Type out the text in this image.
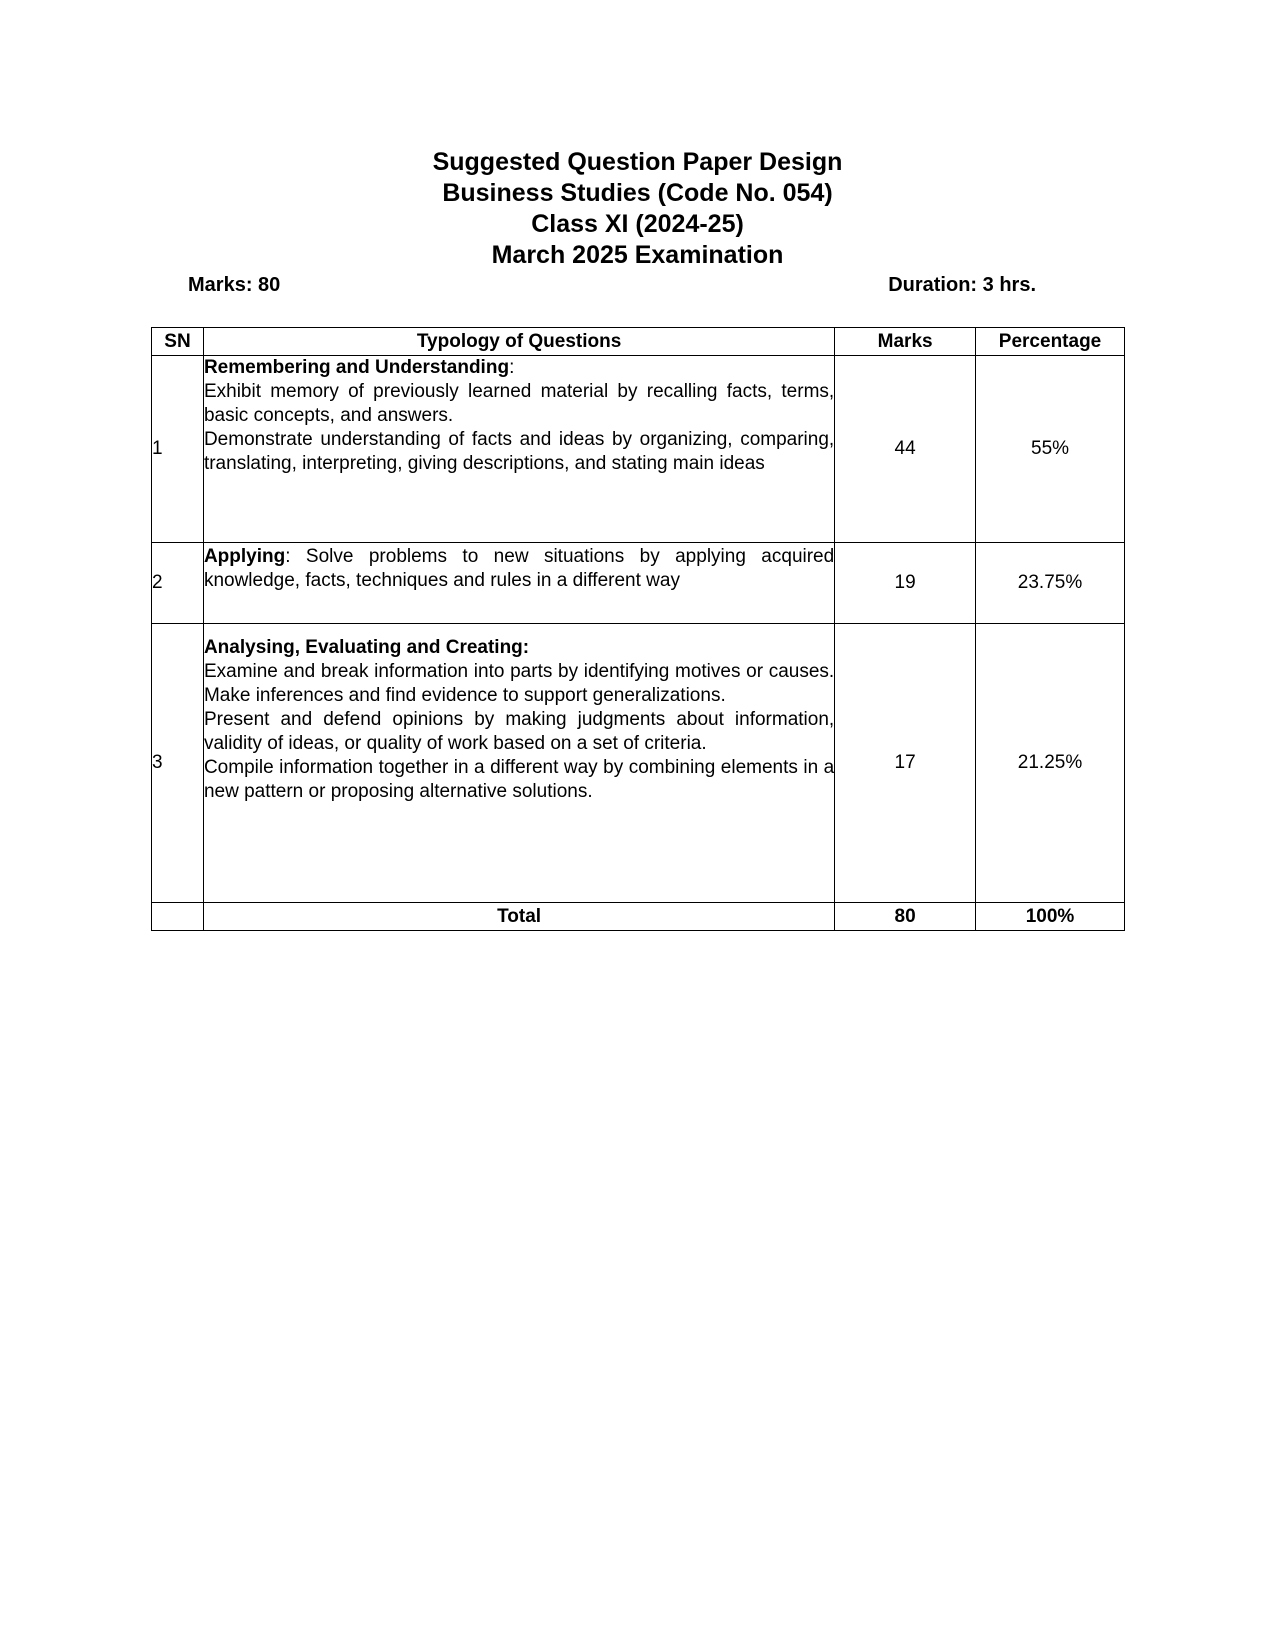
Suggested Question Paper Design
Business Studies (Code No. 054)
Class XI (2024-25)
March 2025 Examination
Marks: 80	Duration: 3 hrs.
SN	Typology of Questions	Marks	Percentage
1	Remembering and Understanding:

Exhibit memory of previously learned material by recalling facts, terms, basic concepts, and answers.

Demonstrate understanding of facts and ideas by organizing, comparing, translating, interpreting, giving descriptions, and stating main ideas	44	55%
2	Applying: Solve problems to new situations by applying acquired knowledge, facts, techniques and rules in a different way	19	23.75%
3	Analysing, Evaluating and Creating:

Examine and break information into parts by identifying motives or causes. Make inferences and find evidence to support generalizations.

Present and defend opinions by making judgments about information, validity of ideas, or quality of work based on a set of criteria.

Compile information together in a different way by combining elements in a new pattern or proposing alternative solutions.	17	21.25%
	Total	80	100%
